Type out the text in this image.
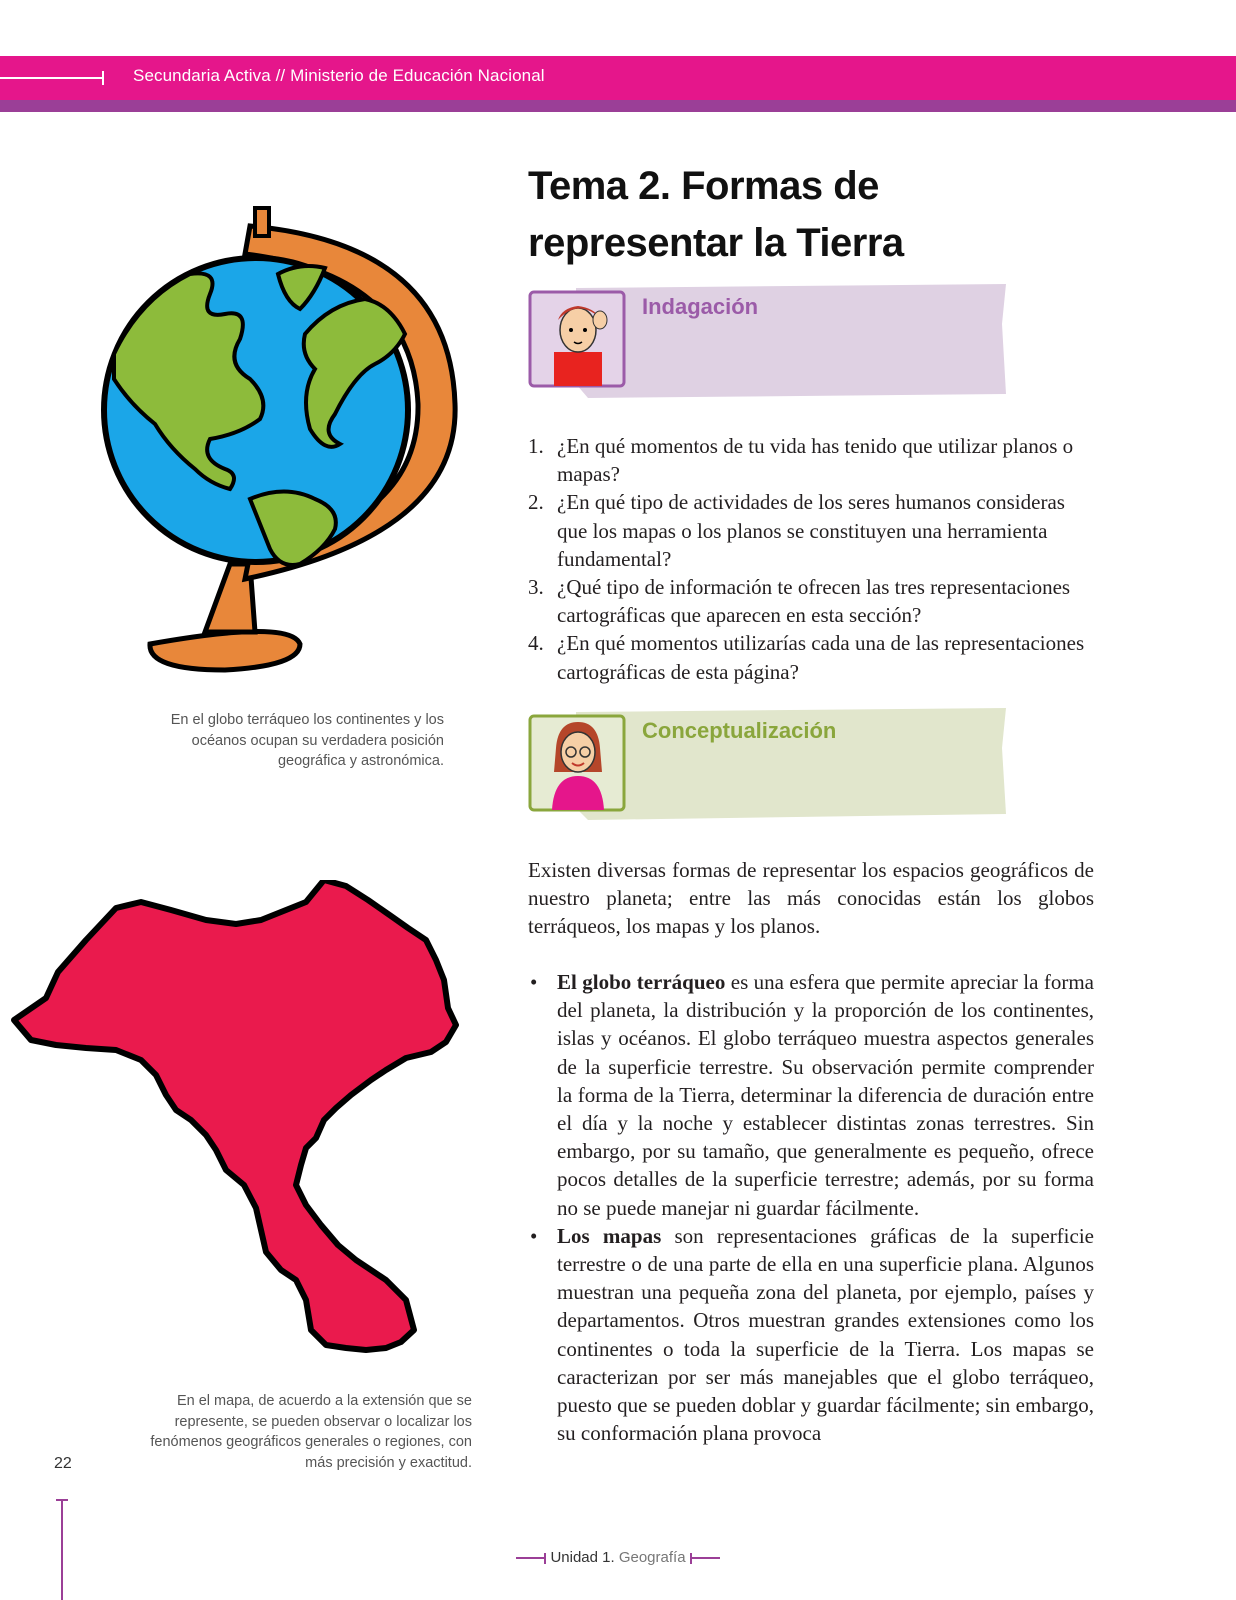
Secundaria Activa // Ministerio de Educación Nacional
En el globo terráqueo los continentes y los océanos ocupan su verdadera posición geográfica y astronómica.
En el mapa, de acuerdo a la extensión que se represente, se pueden observar o localizar los fenómenos geográficos generales o regiones, con más precisión y exactitud.
Tema 2. Formas de
representar la Tierra
Indagación
1. ¿En qué momentos de tu vida has tenido que utilizar planos o mapas?
2. ¿En qué tipo de actividades de los seres humanos consideras que los mapas o los planos se constituyen una herramienta fundamental?
3. ¿Qué tipo de información te ofrecen las tres representaciones cartográficas que aparecen en esta sección?
4. ¿En qué momentos utilizarías cada una de las representaciones cartográficas de esta página?
Conceptualización

Existen diversas formas de representar los espacios geográficos de nuestro planeta; entre las más conocidas están los globos terráqueos, los mapas y los planos.

• El globo terráqueo es una esfera que permite apreciar la forma del planeta, la distribución y la proporción de los continentes, islas y océanos. El globo terráqueo muestra aspectos generales de la superficie terrestre. Su observación permite comprender la forma de la Tierra, determinar la diferencia de duración entre el día y la noche y establecer distintas zonas terrestres. Sin embargo, por su tamaño, que generalmente es pequeño, ofrece pocos detalles de la superficie terrestre; además, por su forma no se puede manejar ni guardar fácilmente.
• Los mapas son representaciones gráficas de la superficie terrestre o de una parte de ella en una superficie plana. Algunos muestran una pequeña zona del planeta, por ejemplo, países y departamentos. Otros muestran grandes extensiones como los continentes o toda la superficie de la Tierra. Los mapas se caracterizan por ser más manejables que el globo terráqueo, puesto que se pueden doblar y guardar fácilmente; sin embargo, su conformación plana provoca
22
Unidad 1. Geografía
